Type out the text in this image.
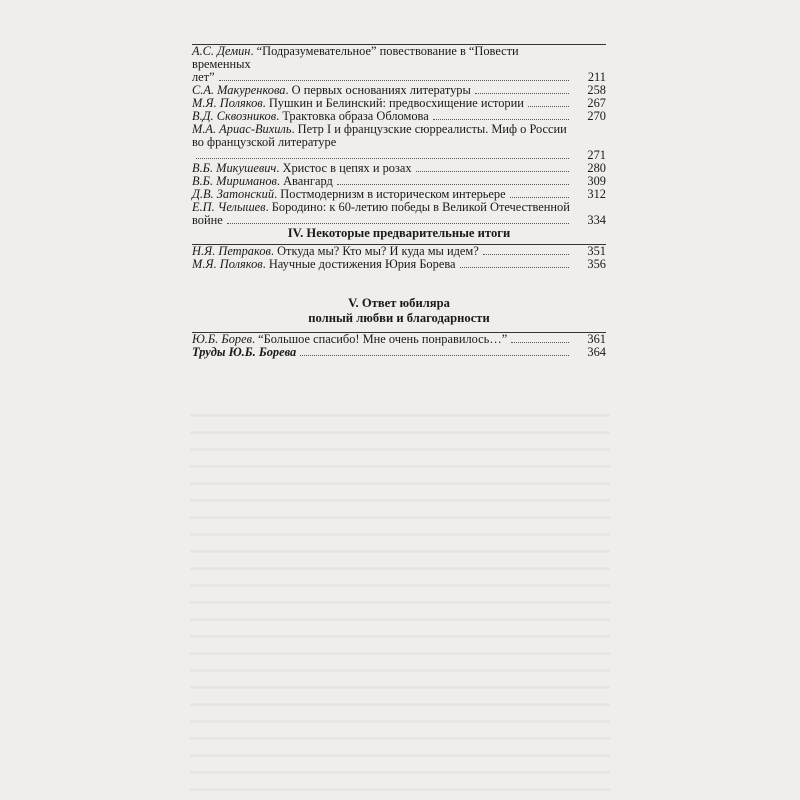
А.С. Демин. “Подразумевательное” повествование в “Повести временных
лет”	211
С.А. Макуренкова. О первых основаниях литературы	258
М.Я. Поляков. Пушкин и Белинский: предвосхищение истории	267
В.Д. Сквозников. Трактовка образа Обломова	270
М.А. Ариас-Вихиль. Петр I и французские сюрреалисты. Миф о России
во французской литературе
271
В.Б. Микушевич. Христос в цепях и розах	280
В.Б. Мириманов. Авангард	309
Д.В. Затонский. Постмодернизм в историческом интерьере	312
Е.П. Челышев. Бородино: к 60-летию победы в Великой Отечественной
войне	334
IV. Некоторые предварительные итоги
Н.Я. Петраков. Откуда мы? Кто мы? И куда мы идем?	351
М.Я. Поляков. Научные достижения Юрия Борева	356
V. Ответ юбиляра
полный любви и благодарности
Ю.Б. Борев. “Большое спасибо! Мне очень понравилось…”	361
Труды Ю.Б. Борева	364
